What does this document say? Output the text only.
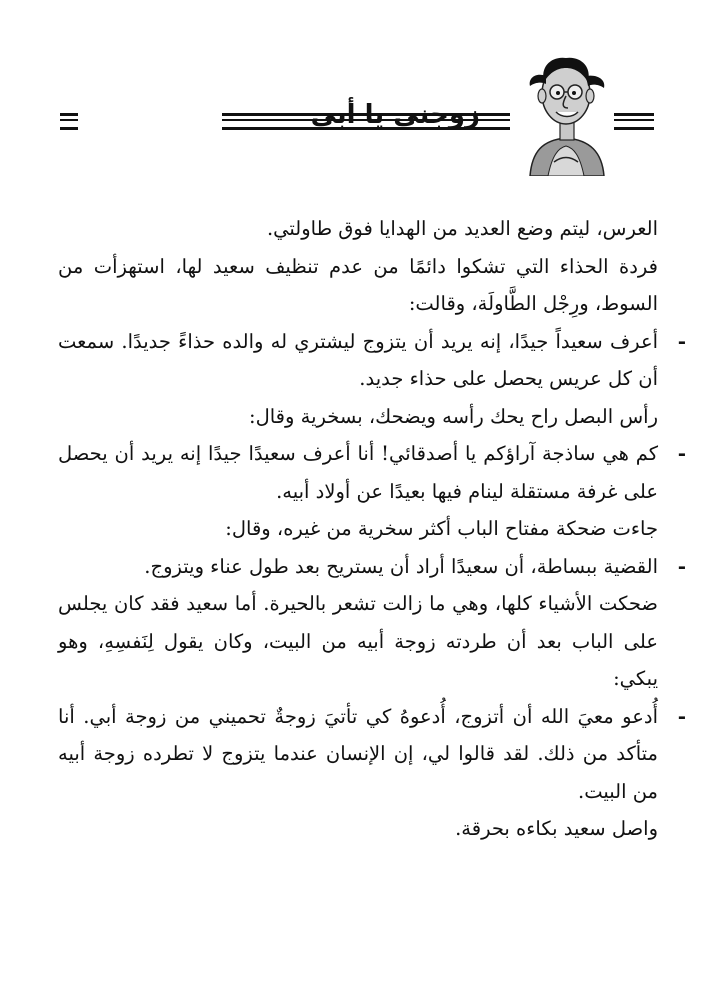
زوجني يا أبي

العرس، ليتم وضع العديد من الهدايا فوق طاولتي.

فردة الحذاء التي تشكوا دائمًا من عدم تنظيف سعيد لها، استهزأت من السوط، ورِجْل الطَّاولَة، وقالت:

-

أعرف سعيداً جيدًا، إنه يريد أن يتزوج ليشتري له والده حذاءً جديدًا. سمعت أن كل عريس يحصل على حذاء جديد.

رأس البصل راح يحك رأسه ويضحك، بسخرية وقال:

-

كم هي ساذجة آراؤكم يا أصدقائي! أنا أعرف سعيدًا جيدًا إنه يريد أن يحصل على غرفة مستقلة لينام فيها بعيدًا عن أولاد أبيه.

جاءت ضحكة مفتاح الباب أكثر سخرية من غيره، وقال:

-

القضية ببساطة، أن سعيدًا أراد أن يستريح بعد طول عناء ويتزوج.

ضحكت الأشياء كلها، وهي ما زالت تشعر بالحيرة. أما سعيد فقد كان يجلس على الباب بعد أن طردته زوجة أبيه من البيت، وكان يقول لِنَفسِهِ، وهو يبكي:

-

أُدعو معيَ الله أن أتزوج، أُدعوهُ كي تأتيَ زوجةٌ تحميني من زوجة أبي. أنا متأكد من ذلك. لقد قالوا لي، إن الإنسان عندما يتزوج لا تطرده زوجة أبيه من البيت.

واصل سعيد بكاءه بحرقة.
